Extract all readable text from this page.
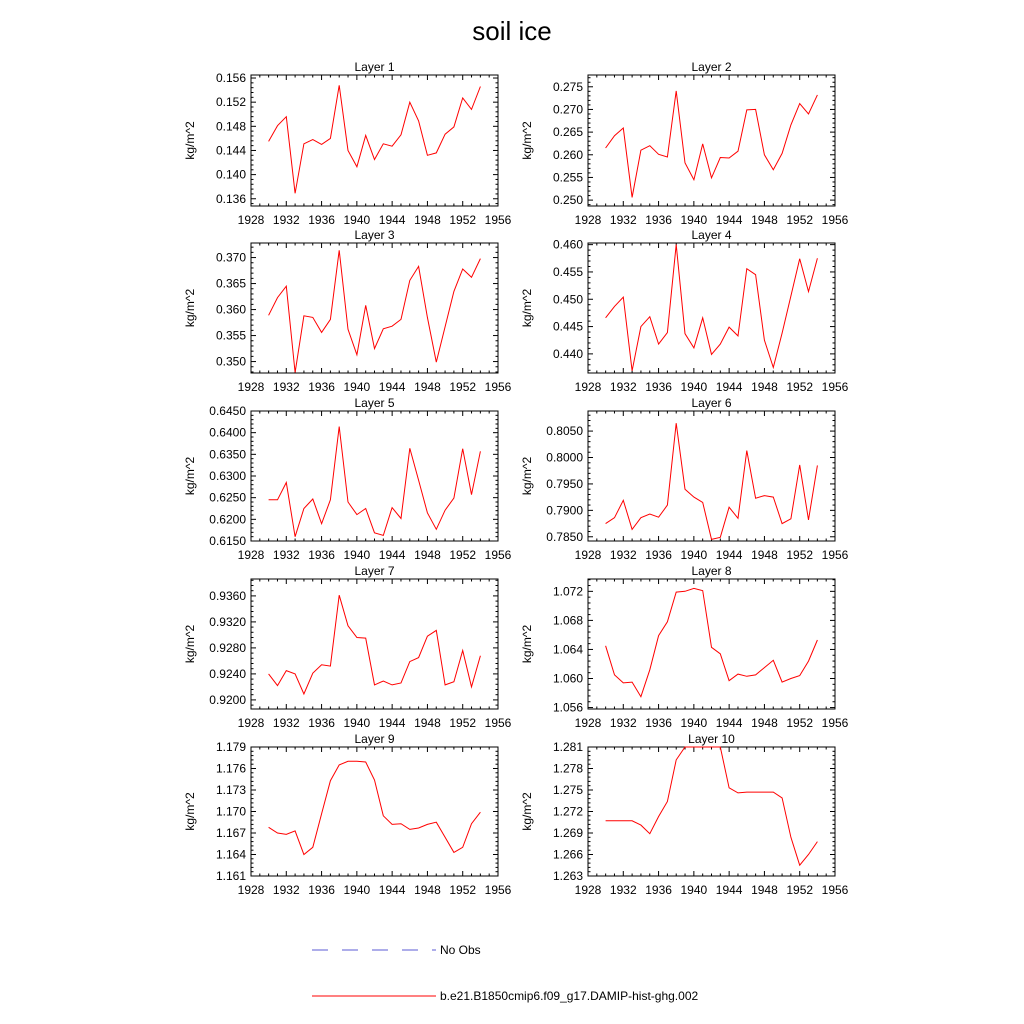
soil ice
Layer 1
1928 1932 1936 1940 1944 1948 1952 1956
0.136
0.140
0.144
0.148
0.152
0.156
kg/m^2
Layer 2
1928 1932 1936 1940 1944 1948 1952 1956
0.250
0.255
0.260
0.265
0.270
0.275
kg/m^2
Layer 3
1928 1932 1936 1940 1944 1948 1952 1956
0.350
0.355
0.360
0.365
0.370
kg/m^2
Layer 4
1928 1932 1936 1940 1944 1948 1952 1956
0.440
0.445
0.450
0.455
0.460
kg/m^2
Layer 5
1928 1932 1936 1940 1944 1948 1952 1956
0.6150
0.6200
0.6250
0.6300
0.6350
0.6400
0.6450
kg/m^2
Layer 6
1928 1932 1936 1940 1944 1948 1952 1956
0.7850
0.7900
0.7950
0.8000
0.8050
kg/m^2
Layer 7
1928 1932 1936 1940 1944 1948 1952 1956
0.9200
0.9240
0.9280
0.9320
0.9360
kg/m^2
Layer 8
1928 1932 1936 1940 1944 1948 1952 1956
1.056
1.060
1.064
1.068
1.072
kg/m^2
Layer 9
1928 1932 1936 1940 1944 1948 1952 1956
1.161
1.164
1.167
1.170
1.173
1.176
1.179
kg/m^2
Layer 10
1928 1932 1936 1940 1944 1948 1952 1956
1.263
1.266
1.269
1.272
1.275
1.278
1.281
kg/m^2
No Obs
b.e21.B1850cmip6.f09_g17.DAMIP-hist-ghg.002
